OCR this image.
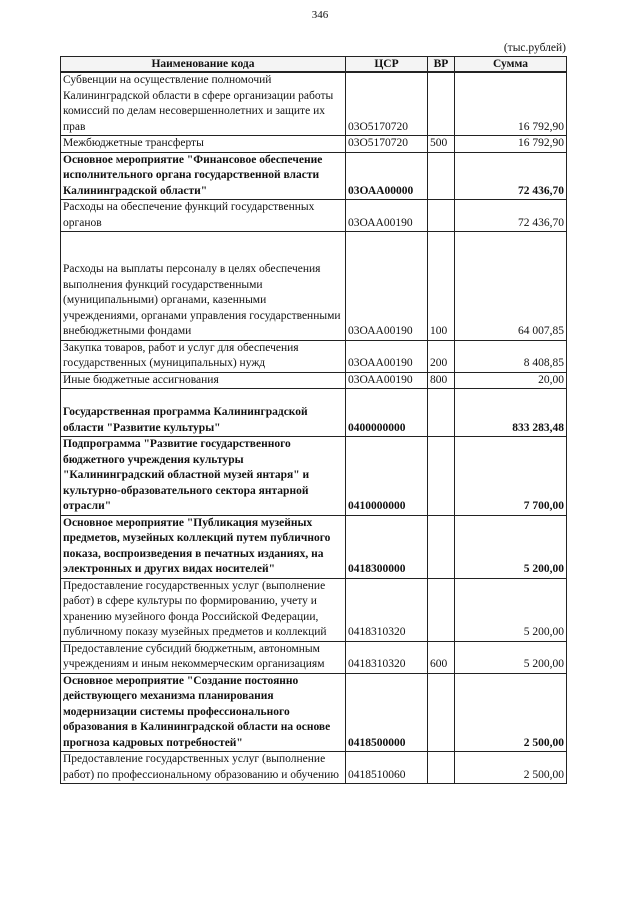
346
(тыс.рублей)
Наименование кода	ЦСР	ВР	Сумма
Субвенции на осуществление полномочий Калининградской области в сфере организации работы комиссий по делам несовершеннолетних и защите их прав	03О5170720		16 792,90
Межбюджетные трансферты	03О5170720	500	16 792,90
Основное мероприятие "Финансовое обеспечение исполнительного органа государственной власти Калининградской области"	03ОАА00000		72 436,70
Расходы на обеспечение функций государственных органов	03ОАА00190		72 436,70
Расходы на выплаты персоналу в целях обеспечения выполнения функций государственными (муниципальными) органами, казенными учреждениями, органами управления государственными внебюджетными фондами	03ОАА00190	100	64 007,85
Закупка товаров, работ и услуг для обеспечения государственных (муниципальных) нужд	03ОАА00190	200	8 408,85
Иные бюджетные ассигнования	03ОАА00190	800	20,00
Государственная программа Калининградской области "Развитие культуры"	0400000000		833 283,48
Подпрограмма "Развитие государственного бюджетного учреждения культуры "Калининградский областной музей янтаря" и культурно-образовательного сектора янтарной отрасли"	0410000000		7 700,00
Основное мероприятие "Публикация музейных предметов, музейных коллекций путем публичного показа, воспроизведения в печатных изданиях, на электронных и других видах носителей"	0418300000		5 200,00
Предоставление государственных услуг (выполнение работ) в сфере культуры по формированию, учету и хранению музейного фонда Российской Федерации, публичному показу музейных предметов и коллекций	0418310320		5 200,00
Предоставление субсидий бюджетным, автономным учреждениям и иным некоммерческим организациям	0418310320	600	5 200,00
Основное мероприятие "Создание постоянно действующего механизма планирования модернизации системы профессионального образования в Калининградской области на основе прогноза кадровых потребностей"	0418500000		2 500,00
Предоставление государственных услуг (выполнение работ) по профессиональному образованию и обучению	0418510060		2 500,00
